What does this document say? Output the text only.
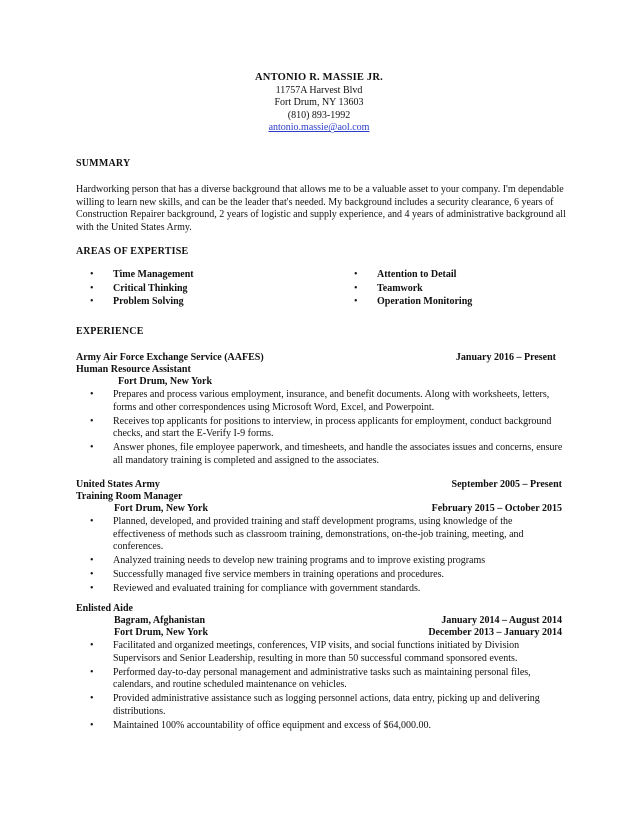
ANTONIO R. MASSIE JR.
11757A Harvest Blvd
Fort Drum, NY 13603
(810) 893-1992
antonio.massie@aol.com
SUMMARY
Hardworking person that has a diverse background that allows me to be a valuable asset to your company. I'm dependable willing to learn new skills, and can be the leader that's needed. My background includes a security clearance, 6 years of Construction Repairer background, 2 years of logistic and supply experience, and 4 years of administrative background all with the United States Army.
AREAS OF EXPERTISE
•	Time Management
•	Critical Thinking
•	Problem Solving
•	Attention to Detail
•	Teamwork
•	Operation Monitoring
EXPERIENCE
Army Air Force Exchange Service (AAFES)	January 2016 – Present
Human Resource Assistant
Fort Drum, New York
•	Prepares and process various employment, insurance, and benefit documents. Along with worksheets, letters, forms and other correspondences using Microsoft Word, Excel, and Powerpoint.
•	Receives top applicants for positions to interview, in process applicants for employment, conduct background checks, and start the E-Verify I-9 forms.
•	Answer phones, file employee paperwork, and timesheets, and handle the associates issues and concerns, ensure all mandatory training is completed and assigned to the associates.
United States Army	September 2005 – Present
Training Room Manager
Fort Drum, New York	February 2015 – October 2015
•	Planned, developed, and provided training and staff development programs, using knowledge of the effectiveness of methods such as classroom training, demonstrations, on-the-job training, meeting, and conferences.
•	Analyzed training needs to develop new training programs and to improve existing programs
•	Successfully managed five service members in training operations and procedures.
•	Reviewed and evaluated training for compliance with government standards.
Enlisted Aide
Bagram, Afghanistan	January 2014 – August 2014
Fort Drum, New York	December 2013 – January 2014
•	Facilitated and organized meetings, conferences, VIP visits, and social functions initiated by Division Supervisors and Senior Leadership, resulting in more than 50 successful command sponsored events.
•	Performed day-to-day personal management and administrative tasks such as maintaining personal files, calendars, and routine scheduled maintenance on vehicles.
•	Provided administrative assistance such as logging personnel actions, data entry, picking up and delivering distributions.
•	Maintained 100% accountability of office equipment and excess of $64,000.00.
